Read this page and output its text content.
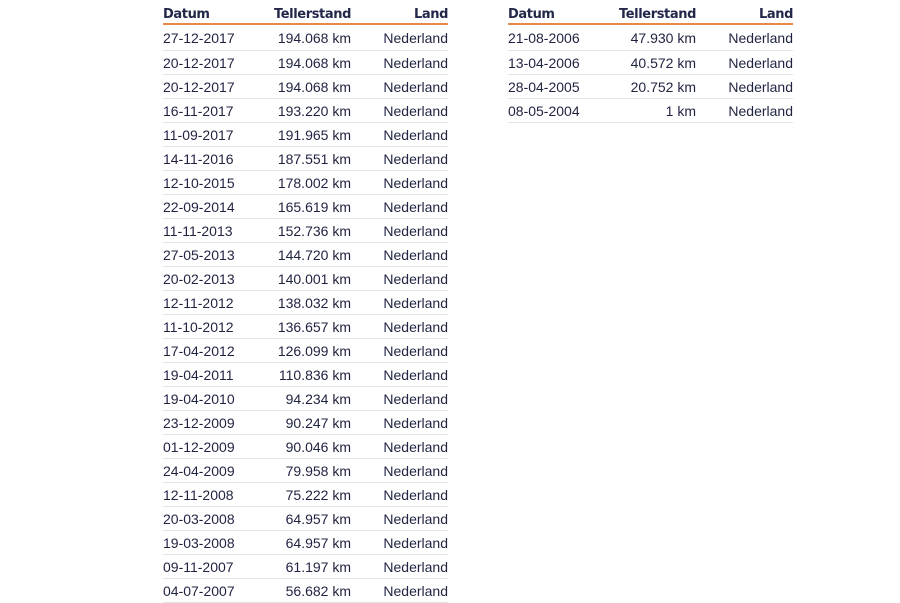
Datum	Tellerstand	Land
27-12-2017	194.068 km	Nederland
20-12-2017	194.068 km	Nederland
20-12-2017	194.068 km	Nederland
16-11-2017	193.220 km	Nederland
11-09-2017	191.965 km	Nederland
14-11-2016	187.551 km	Nederland
12-10-2015	178.002 km	Nederland
22-09-2014	165.619 km	Nederland
11-11-2013	152.736 km	Nederland
27-05-2013	144.720 km	Nederland
20-02-2013	140.001 km	Nederland
12-11-2012	138.032 km	Nederland
11-10-2012	136.657 km	Nederland
17-04-2012	126.099 km	Nederland
19-04-2011	110.836 km	Nederland
19-04-2010	94.234 km	Nederland
23-12-2009	90.247 km	Nederland
01-12-2009	90.046 km	Nederland
24-04-2009	79.958 km	Nederland
12-11-2008	75.222 km	Nederland
20-03-2008	64.957 km	Nederland
19-03-2008	64.957 km	Nederland
09-11-2007	61.197 km	Nederland
04-07-2007	56.682 km	Nederland
Datum	Tellerstand	Land
21-08-2006	47.930 km	Nederland
13-04-2006	40.572 km	Nederland
28-04-2005	20.752 km	Nederland
08-05-2004	1 km	Nederland
